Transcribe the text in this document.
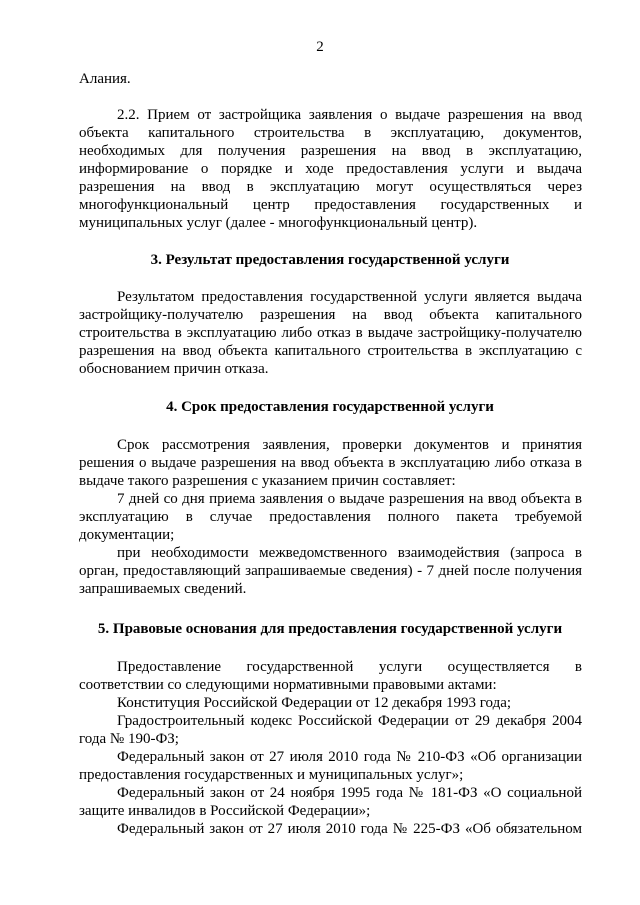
2

Алания.

2.2. Прием от застройщика заявления о выдаче разрешения на ввод объекта капитального строительства в эксплуатацию, документов, необходимых для получения разрешения на ввод в эксплуатацию, информирование о порядке и ходе предоставления услуги и выдача разрешения на ввод в эксплуатацию могут осуществляться через многофункциональный центр предоставления государственных и муниципальных услуг (далее - многофункциональный центр).

3. Результат предоставления государственной услуги

Результатом предоставления государственной услуги является выдача застройщику-получателю разрешения на ввод объекта капитального строительства в эксплуатацию либо отказ в выдаче застройщику-получателю разрешения на ввод объекта капитального строительства в эксплуатацию с обоснованием причин отказа.

4. Срок предоставления государственной услуги

Срок рассмотрения заявления, проверки документов и принятия решения о выдаче разрешения на ввод объекта в эксплуатацию либо отказа в выдаче такого разрешения с указанием причин составляет:

7 дней со дня приема заявления о выдаче разрешения на ввод объекта в эксплуатацию в случае предоставления полного пакета требуемой документации;

при необходимости межведомственного взаимодействия (запроса в орган, предоставляющий запрашиваемые сведения) - 7 дней после получения запрашиваемых сведений.

5. Правовые основания для предоставления государственной услуги

Предоставление государственной услуги осуществляется в соответствии со следующими нормативными правовыми актами:

Конституция Российской Федерации от 12 декабря 1993 года;

Градостроительный кодекс Российской Федерации от 29 декабря 2004 года № 190-ФЗ;

Федеральный закон от 27 июля 2010 года № 210-ФЗ «Об организации предоставления государственных и муниципальных услуг»;

Федеральный закон от 24 ноября 1995 года № 181-ФЗ «О социальной защите инвалидов в Российской Федерации»;

Федеральный закон от 27 июля 2010 года № 225-ФЗ «Об обязательном
